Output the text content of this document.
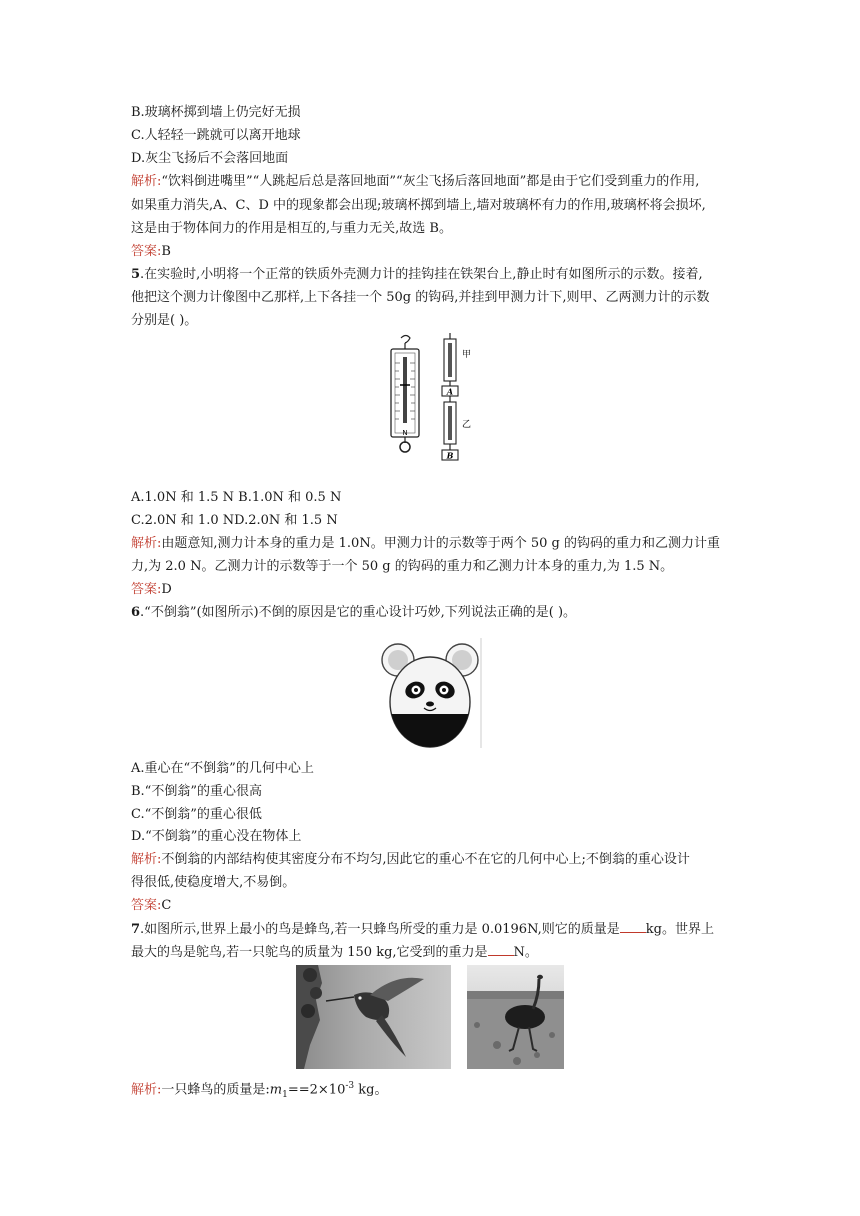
B.玻璃杯掷到墙上仍完好无损
C.人轻轻一跳就可以离开地球
D.灰尘飞扬后不会落回地面
解析:“饮料倒进嘴里”“人跳起后总是落回地面”“灰尘飞扬后落回地面”都是由于它们受到重力的作用,
如果重力消失,A、C、D 中的现象都会出现;玻璃杯掷到墙上,墙对玻璃杯有力的作用,玻璃杯将会损坏,
这是由于物体间力的作用是相互的,与重力无关,故选 B。
答案:B
5.在实验时,小明将一个正常的铁质外壳测力计的挂钩挂在铁架台上,静止时有如图所示的示数。接着,
他把这个测力计像图中乙那样,上下各挂一个 50g 的钩码,并挂到甲测力计下,则甲、乙两测力计的示数
分别是( )。
N
甲
A
乙
B
A.1.0N 和 1.5 N B.1.0N 和 0.5 N
C.2.0N 和 1.0 ND.2.0N 和 1.5 N
解析:由题意知,测力计本身的重力是 1.0N。甲测力计的示数等于两个 50 g 的钩码的重力和乙测力计重
力,为 2.0 N。乙测力计的示数等于一个 50 g 的钩码的重力和乙测力计本身的重力,为 1.5 N。
答案:D
6.“不倒翁”(如图所示)不倒的原因是它的重心设计巧妙,下列说法正确的是( )。
A.重心在“不倒翁”的几何中心上
B.“不倒翁”的重心很高
C.“不倒翁”的重心很低
D.“不倒翁”的重心没在物体上
解析:不倒翁的内部结构使其密度分布不均匀,因此它的重心不在它的几何中心上;不倒翁的重心设计
得很低,使稳度增大,不易倒。
答案:C
7.如图所示,世界上最小的鸟是蜂鸟,若一只蜂鸟所受的重力是 0.0196N,则它的质量是 kg。世界上
最大的鸟是鸵鸟,若一只鸵鸟的质量为 150 kg,它受到的重力是 N。
解析:一只蜂鸟的质量是$:m_1==2\times 10^{-3}$ kg。
